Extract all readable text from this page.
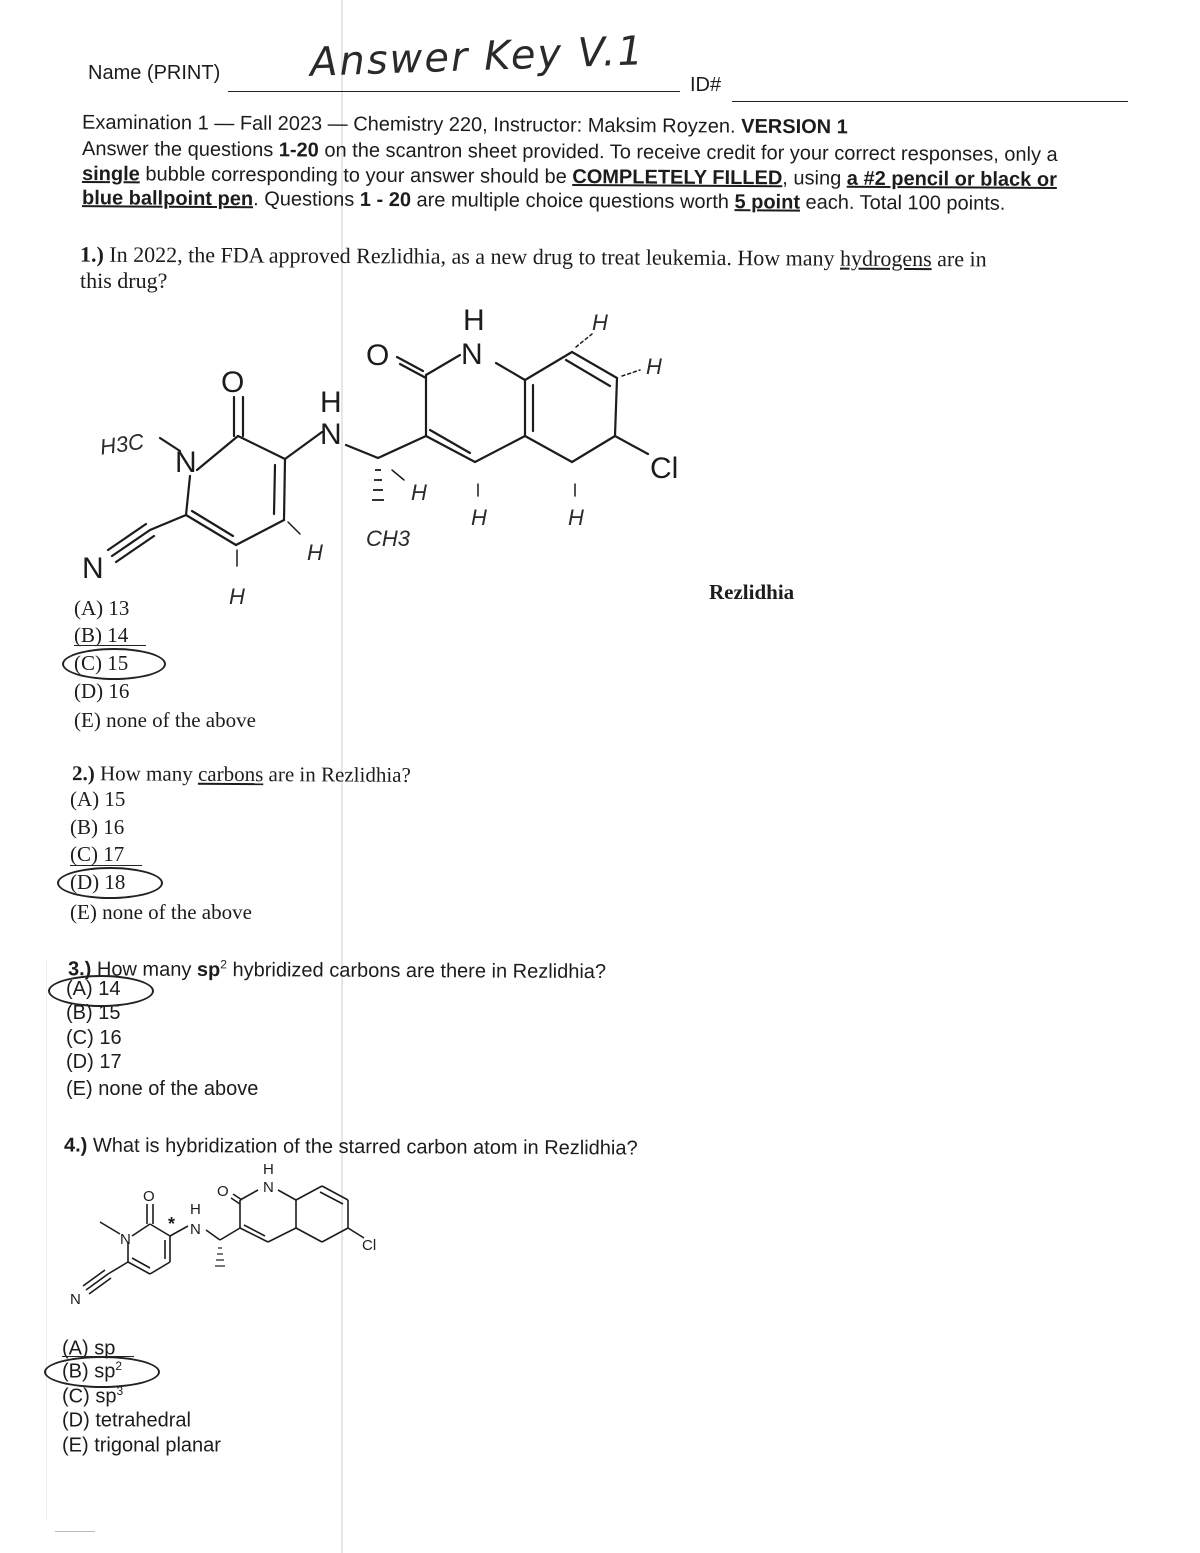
Name (PRINT) Answer Key V.1 ID#
Examination 1 — Fall 2023 — Chemistry 220, Instructor: Maksim Royzen. VERSION 1
Answer the questions 1-20 on the scantron sheet provided. To receive credit for your correct responses, only a
single bubble corresponding to your answer should be COMPLETELY FILLED, using a #2 pencil or black or
blue ballpoint pen. Questions 1 - 20 are multiple choice questions worth 5 point each. Total 100 points.
1.) In 2022, the FDA approved Rezlidhia, as a new drug to treat leukemia. How many hydrogens are in
this drug?
O
N
N
H
N
O
H
N
Cl
H3C
CH3
H
H
H
H	H
H
H
Rezlidhia
(A) 13
(B) 14
(C) 15
(D) 16
(E) none of the above
2.) How many carbons are in Rezlidhia?
(A) 15
(B) 16
(C) 17
(D) 18
(E) none of the above
3.) How many $sp^2$ hybridized carbons are there in Rezlidhia?
(A) 14
(B) 15
(C) 16
(D) 17
(E) none of the above
4.) What is hybridization of the starred carbon atom in Rezlidhia?
N
O
N
*
H
N
O
H
N
Cl
(A) sp
(B) $sp^2$
(C) $sp^3$
(D) tetrahedral
(E) trigonal planar
